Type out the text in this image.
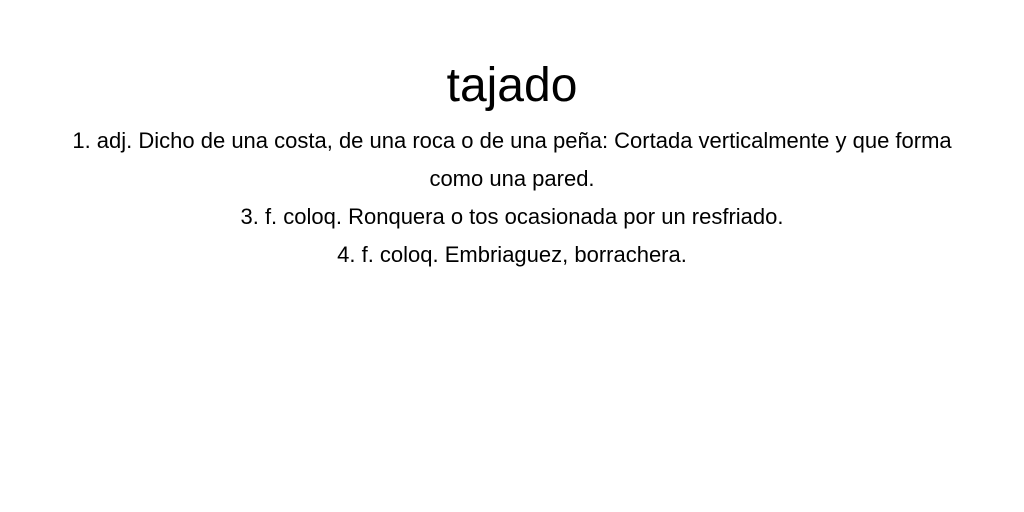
tajado
1. adj. Dicho de una costa, de una roca o de una peña: Cortada verticalmente y que forma como una pared.
3. f. coloq. Ronquera o tos ocasionada por un resfriado.
4. f. coloq. Embriaguez, borrachera.
